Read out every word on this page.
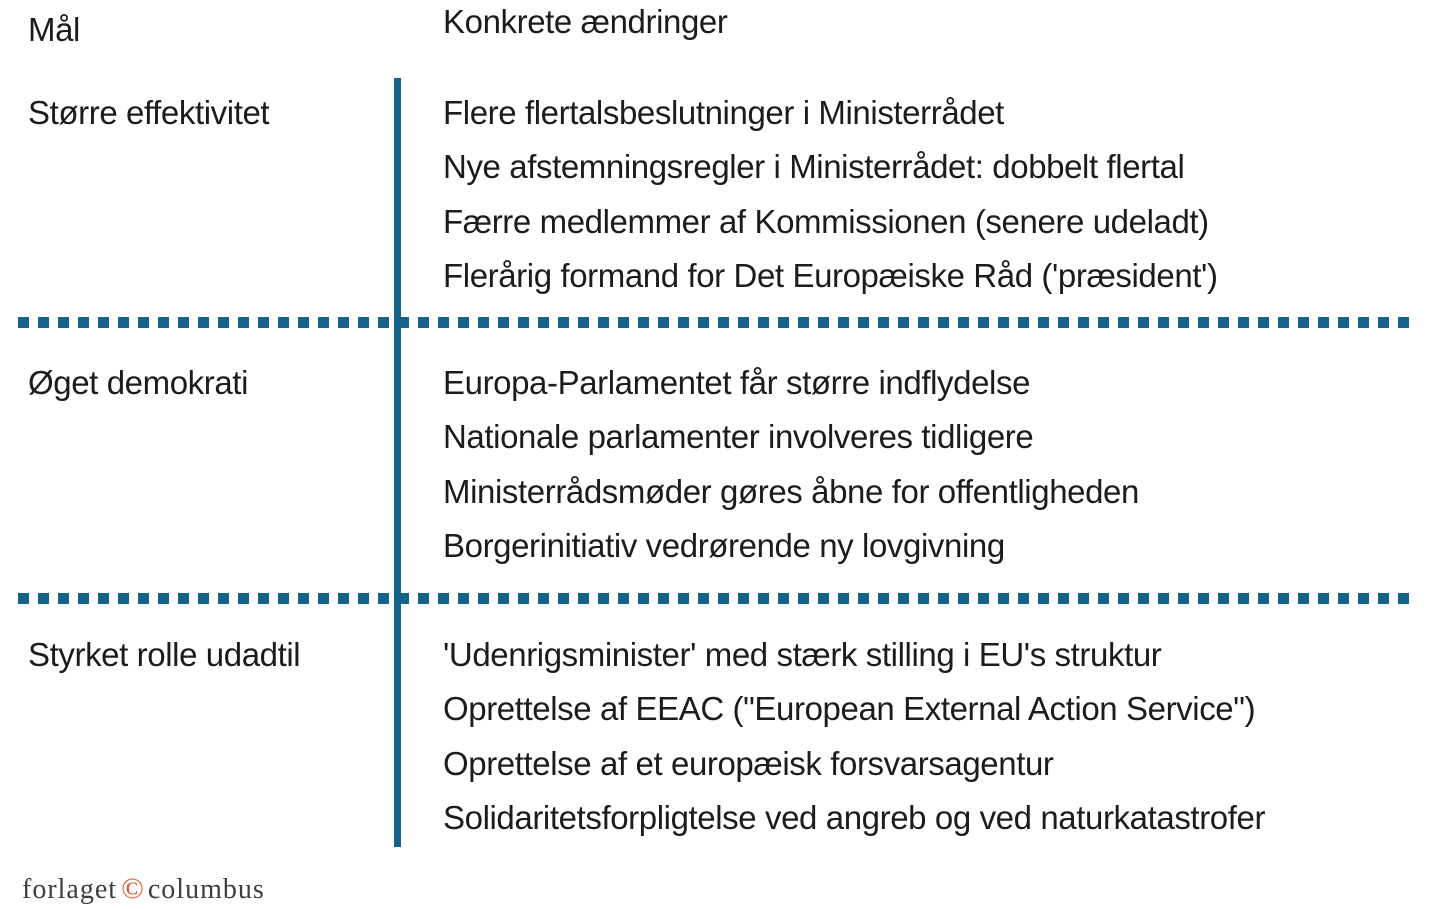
Mål	Konkrete ændringer
Større effektivitet	Flere flertalsbeslutninger i Ministerrådet
Nye afstemningsregler i Ministerrådet: dobbelt flertal
Færre medlemmer af Kommissionen (senere udeladt)
Flerårig formand for Det Europæiske Råd ('præsident')
Øget demokrati	Europa-Parlamentet får større indflydelse
Nationale parlamenter involveres tidligere
Ministerrådsmøder gøres åbne for offentligheden
Borgerinitiativ vedrørende ny lovgivning
Styrket rolle udadtil	'Udenrigsminister' med stærk stilling i EU's struktur
Oprettelse af EEAC ("European External Action Service")
Oprettelse af et europæisk forsvarsagentur
Solidaritetsforpligtelse ved angreb og ved naturkatastrofer
forlaget © columbus
